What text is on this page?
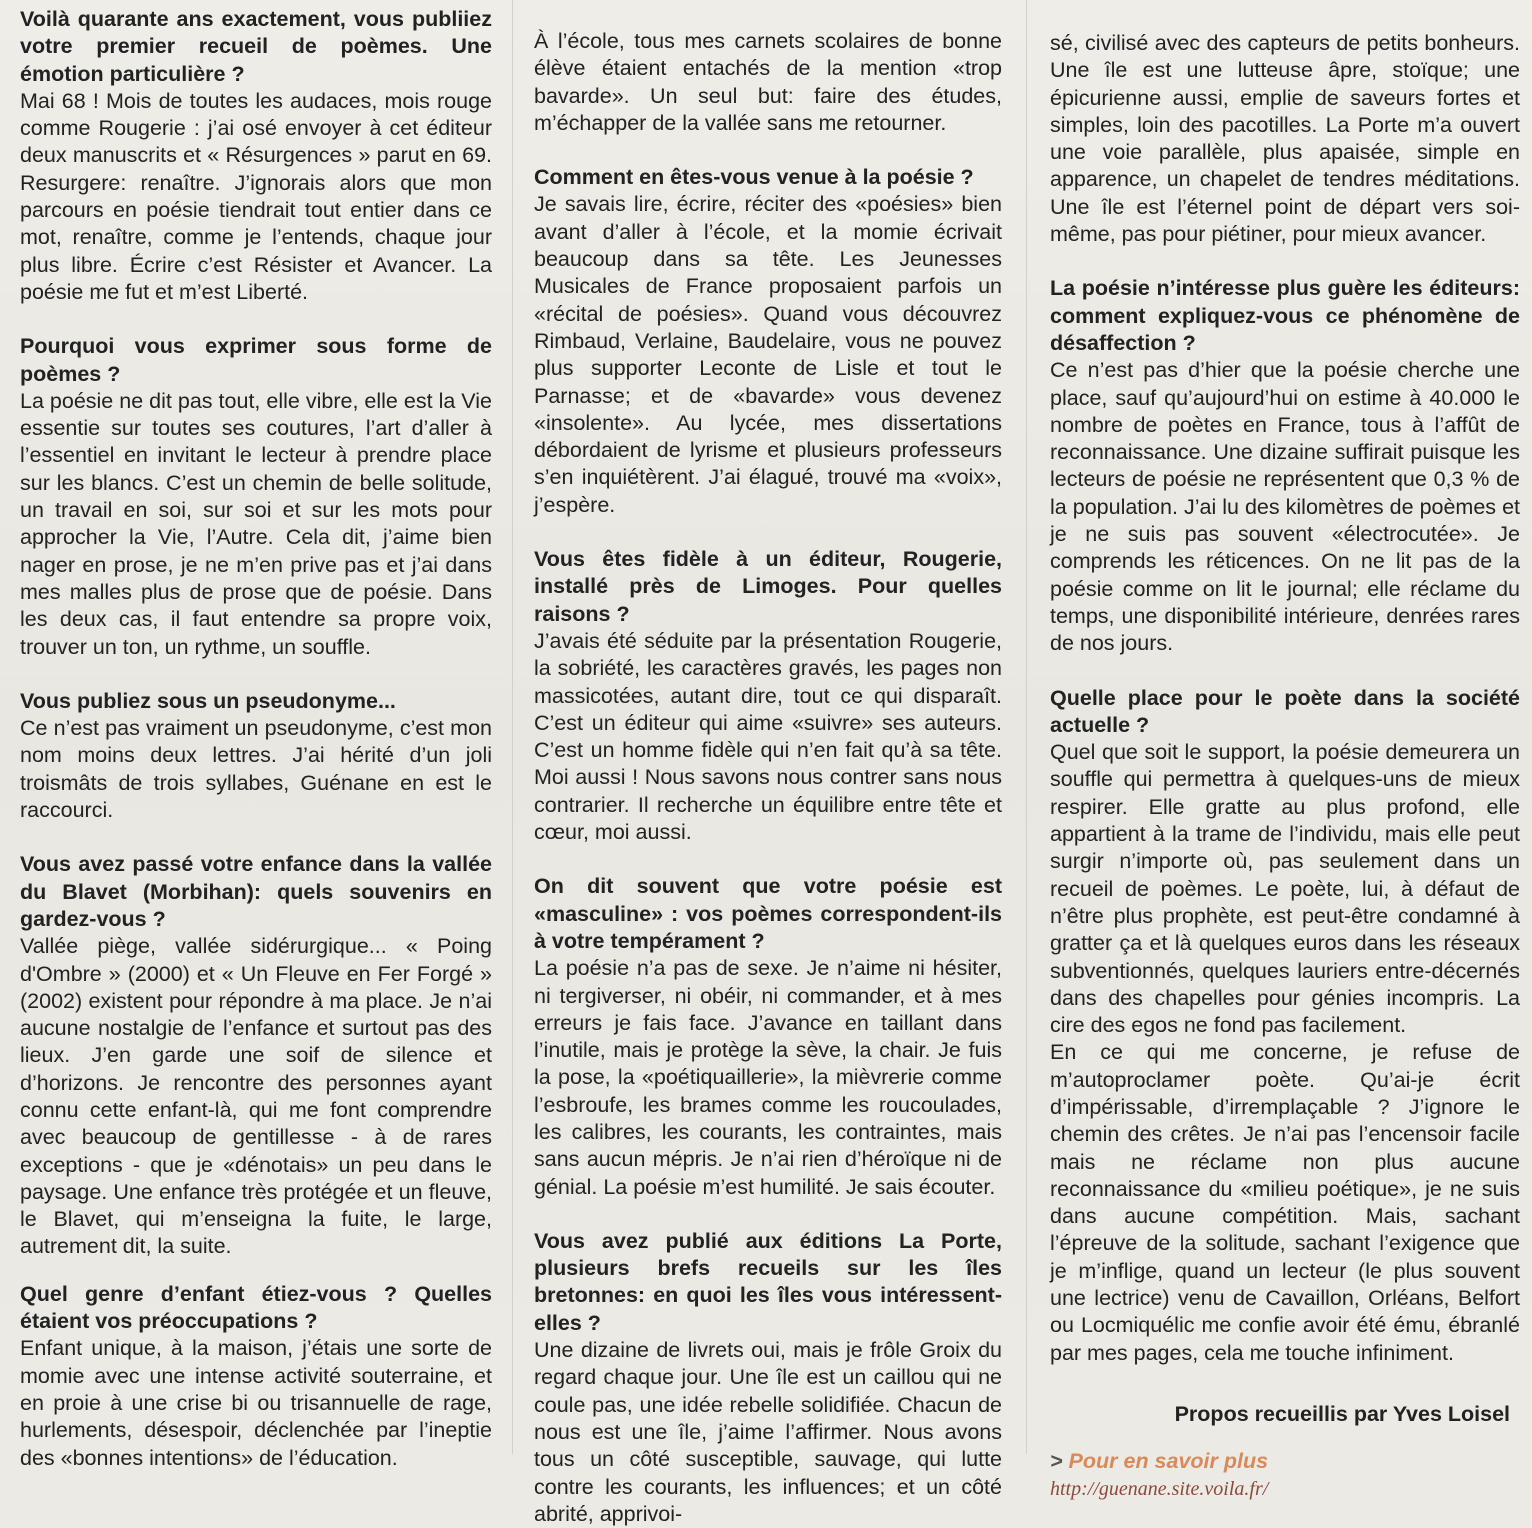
Voilà quarante ans exactement, vous publiiez votre premier recueil de poèmes. Une émotion particulière ?

Mai 68 ! Mois de toutes les audaces, mois rouge comme Rougerie : j’ai osé envoyer à cet éditeur deux manuscrits et « Résurgences » parut en 69. Resurgere: renaître. J’ignorais alors que mon parcours en poésie tiendrait tout entier dans ce mot, renaître, comme je l’entends, chaque jour plus libre. Écrire c’est Résister et Avancer. La poésie me fut et m’est Liberté.

Pourquoi vous exprimer sous forme de poèmes ?

La poésie ne dit pas tout, elle vibre, elle est la Vie essentie sur toutes ses coutures, l’art d’aller à l’essentiel en invitant le lecteur à prendre place sur les blancs. C’est un chemin de belle solitude, un travail en soi, sur soi et sur les mots pour approcher la Vie, l’Autre. Cela dit, j’aime bien nager en prose, je ne m’en prive pas et j’ai dans mes malles plus de prose que de poésie. Dans les deux cas, il faut entendre sa propre voix, trouver un ton, un rythme, un souffle.

Vous publiez sous un pseudonyme...

Ce n’est pas vraiment un pseudonyme, c’est mon nom moins deux lettres. J’ai hérité d’un joli troismâts de trois syllabes, Guénane en est le raccourci.

Vous avez passé votre enfance dans la vallée du Blavet (Morbihan): quels souvenirs en gardez-vous ?

Vallée piège, vallée sidérurgique... « Poing d'Ombre » (2000) et « Un Fleuve en Fer Forgé » (2002) existent pour répondre à ma place. Je n’ai aucune nostalgie de l’enfance et surtout pas des lieux. J’en garde une soif de silence et d’horizons. Je rencontre des personnes ayant connu cette enfant-là, qui me font comprendre avec beaucoup de gentillesse - à de rares exceptions - que je «dénotais» un peu dans le paysage. Une enfance très protégée et un fleuve, le Blavet, qui m’enseigna la fuite, le large, autrement dit, la suite.

Quel genre d’enfant étiez-vous ? Quelles étaient vos préoccupations ?

Enfant unique, à la maison, j’étais une sorte de momie avec une intense activité souterraine, et en proie à une crise bi ou trisannuelle de rage, hurlements, désespoir, déclenchée par l’ineptie des «bonnes intentions» de l’éducation.

À l’école, tous mes carnets scolaires de bonne élève étaient entachés de la mention «trop bavarde». Un seul but: faire des études, m’échapper de la vallée sans me retourner.

Comment en êtes-vous venue à la poésie ?

Je savais lire, écrire, réciter des «poésies» bien avant d’aller à l’école, et la momie écrivait beaucoup dans sa tête. Les Jeunesses Musicales de France proposaient parfois un «récital de poésies». Quand vous découvrez Rimbaud, Verlaine, Baudelaire, vous ne pouvez plus supporter Leconte de Lisle et tout le Parnasse; et de «bavarde» vous devenez «insolente». Au lycée, mes dissertations débordaient de lyrisme et plusieurs professeurs s’en inquiétèrent. J’ai élagué, trouvé ma «voix», j’espère.

Vous êtes fidèle à un éditeur, Rougerie, installé près de Limoges. Pour quelles raisons ?

J’avais été séduite par la présentation Rougerie, la sobriété, les caractères gravés, les pages non massicotées, autant dire, tout ce qui disparaît. C’est un éditeur qui aime «suivre» ses auteurs. C’est un homme fidèle qui n’en fait qu’à sa tête. Moi aussi ! Nous savons nous contrer sans nous contrarier. Il recherche un équilibre entre tête et cœur, moi aussi.

On dit souvent que votre poésie est «masculine» : vos poèmes correspondent-ils à votre tempérament ?

La poésie n’a pas de sexe. Je n’aime ni hésiter, ni tergiverser, ni obéir, ni commander, et à mes erreurs je fais face. J’avance en taillant dans l’inutile, mais je protège la sève, la chair. Je fuis la pose, la «poétiquaillerie», la mièvrerie comme l’esbroufe, les brames comme les roucoulades, les calibres, les courants, les contraintes, mais sans aucun mépris. Je n’ai rien d’héroïque ni de génial. La poésie m’est humilité. Je sais écouter.

Vous avez publié aux éditions La Porte, plusieurs brefs recueils sur les îles bretonnes: en quoi les îles vous intéressent-elles ?

Une dizaine de livrets oui, mais je frôle Groix du regard chaque jour. Une île est un caillou qui ne coule pas, une idée rebelle solidifiée. Chacun de nous est une île, j’aime l’affirmer. Nous avons tous un côté susceptible, sauvage, qui lutte contre les courants, les influences; et un côté abrité, apprivoi-

sé, civilisé avec des capteurs de petits bonheurs. Une île est une lutteuse âpre, stoïque; une épicurienne aussi, emplie de saveurs fortes et simples, loin des pacotilles. La Porte m’a ouvert une voie parallèle, plus apaisée, simple en apparence, un chapelet de tendres méditations. Une île est l’éternel point de départ vers soi-même, pas pour piétiner, pour mieux avancer.

La poésie n’intéresse plus guère les éditeurs: comment expliquez-vous ce phénomène de désaffection ?

Ce n’est pas d’hier que la poésie cherche une place, sauf qu’aujourd’hui on estime à 40.000 le nombre de poètes en France, tous à l’affût de reconnaissance. Une dizaine suffirait puisque les lecteurs de poésie ne représentent que 0,3 % de la population. J’ai lu des kilomètres de poèmes et je ne suis pas souvent «électrocutée». Je comprends les réticences. On ne lit pas de la poésie comme on lit le journal; elle réclame du temps, une disponibilité intérieure, denrées rares de nos jours.

Quelle place pour le poète dans la société actuelle ?

Quel que soit le support, la poésie demeurera un souffle qui permettra à quelques-uns de mieux respirer. Elle gratte au plus profond, elle appartient à la trame de l’individu, mais elle peut surgir n’importe où, pas seulement dans un recueil de poèmes. Le poète, lui, à défaut de n’être plus prophète, est peut-être condamné à gratter ça et là quelques euros dans les réseaux subventionnés, quelques lauriers entre-décernés dans des chapelles pour génies incompris. La cire des egos ne fond pas facilement.

En ce qui me concerne, je refuse de m’autoproclamer poète. Qu’ai-je écrit d’impérissable, d’irremplaçable ? J’ignore le chemin des crêtes. Je n’ai pas l’encensoir facile mais ne réclame non plus aucune reconnaissance du «milieu poétique», je ne suis dans aucune compétition. Mais, sachant l’épreuve de la solitude, sachant l’exigence que je m’inflige, quand un lecteur (le plus souvent une lectrice) venu de Cavaillon, Orléans, Belfort ou Locmiquélic me confie avoir été ému, ébranlé par mes pages, cela me touche infiniment.

Propos recueillis par Yves Loisel

> Pour en savoir plus

http://guenane.site.voila.fr/
